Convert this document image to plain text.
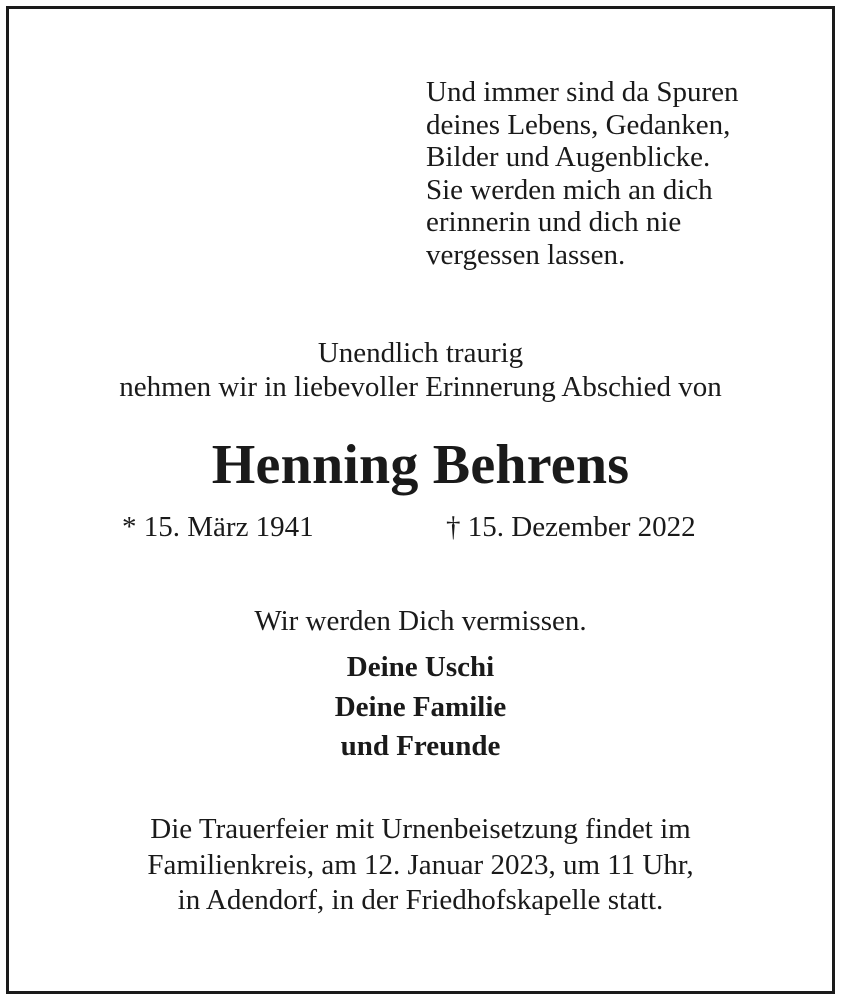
Und immer sind da Spuren
deines Lebens, Gedanken,
Bilder und Augenblicke.
Sie werden mich an dich
erinnerin und dich nie
vergessen lassen.
Unendlich traurig
nehmen wir in liebevoller Erinnerung Abschied von
Henning Behrens
* 15. März 1941	† 15. Dezember 2022
Wir werden Dich vermissen.
Deine Uschi
Deine Familie
und Freunde
Die Trauerfeier mit Urnenbeisetzung findet im
Familienkreis, am 12. Januar 2023, um 11 Uhr,
in Adendorf, in der Friedhofskapelle statt.
